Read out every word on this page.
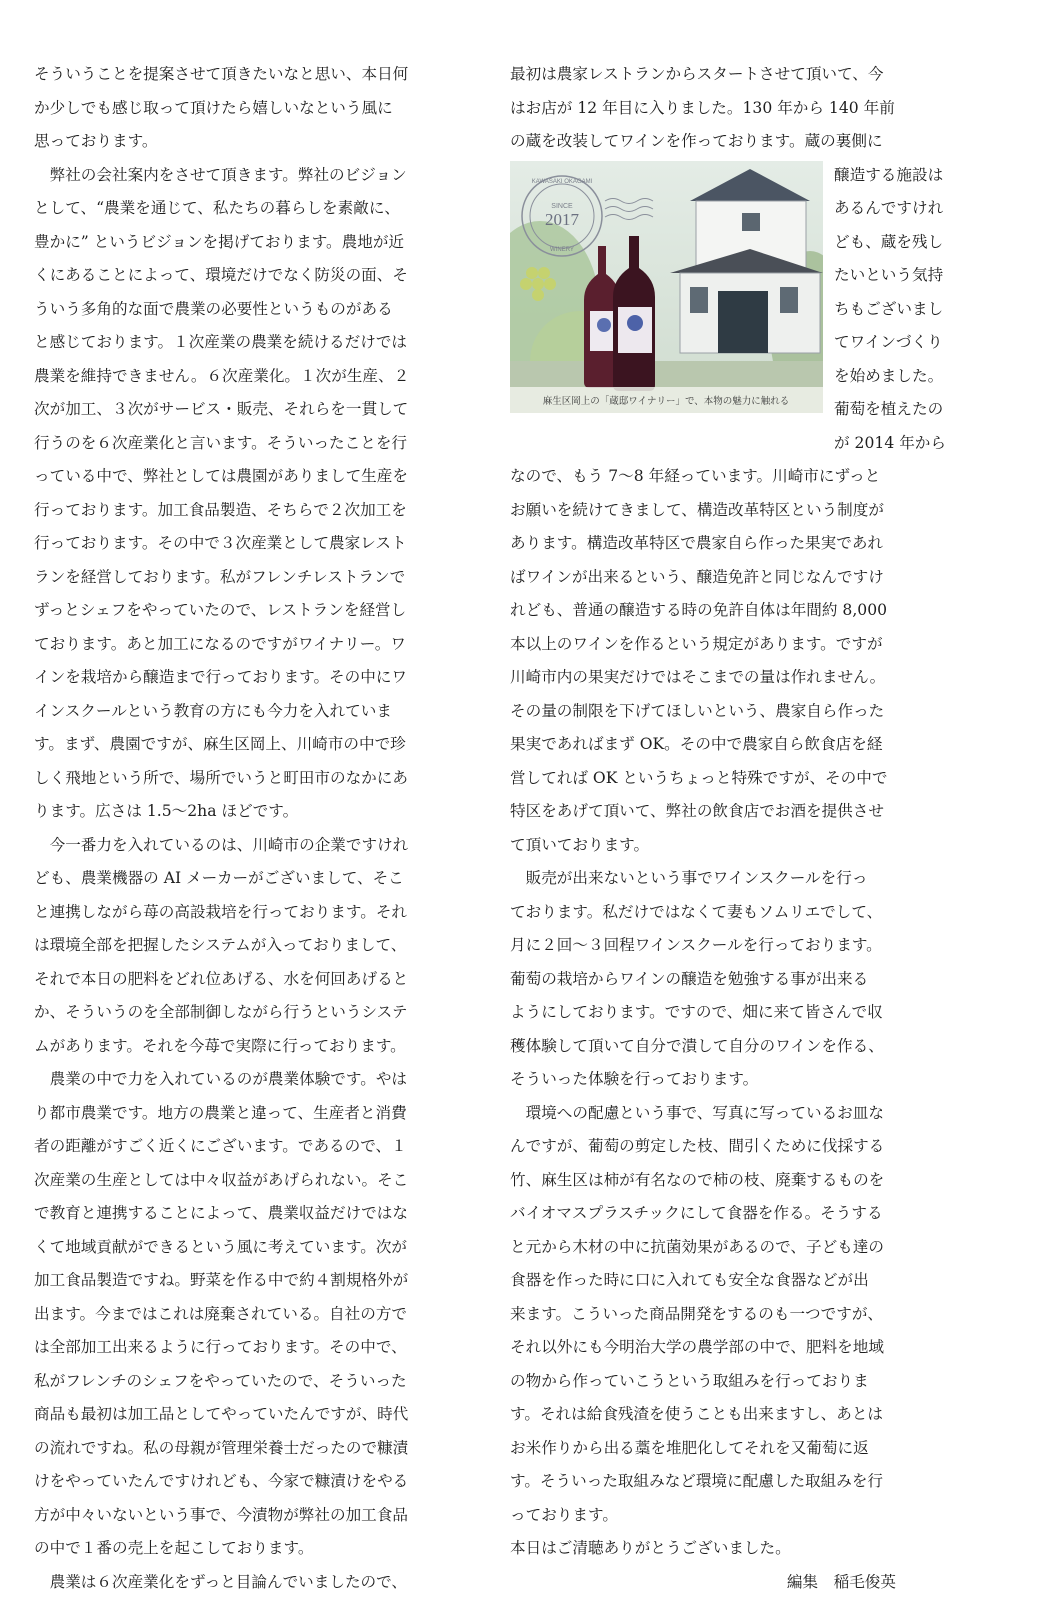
そういうことを提案させて頂きたいなと思い、本日何
か少しでも感じ取って頂けたら嬉しいなという風に
思っております。
弊社の会社案内をさせて頂きます。弊社のビジョン
として、“農業を通じて、私たちの暮らしを素敵に、
豊かに” というビジョンを掲げております。農地が近
くにあることによって、環境だけでなく防災の面、そ
ういう多角的な面で農業の必要性というものがある
と感じております。１次産業の農業を続けるだけでは
農業を維持できません。６次産業化。１次が生産、２
次が加工、３次がサービス・販売、それらを一貫して
行うのを６次産業化と言います。そういったことを行
っている中で、弊社としては農園がありまして生産を
行っております。加工食品製造、そちらで２次加工を
行っております。その中で３次産業として農家レスト
ランを経営しております。私がフレンチレストランで
ずっとシェフをやっていたので、レストランを経営し
ております。あと加工になるのですがワイナリー。ワ
インを栽培から醸造まで行っております。その中にワ
インスクールという教育の方にも今力を入れていま
す。まず、農園ですが、麻生区岡上、川崎市の中で珍
しく飛地という所で、場所でいうと町田市のなかにあ
ります。広さは 1.5〜2ha ほどです。
今一番力を入れているのは、川崎市の企業ですけれ
ども、農業機器の AI メーカーがございまして、そこ
と連携しながら苺の高設栽培を行っております。それ
は環境全部を把握したシステムが入っておりまして、
それで本日の肥料をどれ位あげる、水を何回あげると
か、そういうのを全部制御しながら行うというシステ
ムがあります。それを今苺で実際に行っております。
農業の中で力を入れているのが農業体験です。やは
り都市農業です。地方の農業と違って、生産者と消費
者の距離がすごく近くにございます。であるので、１
次産業の生産としては中々収益があげられない。そこ
で教育と連携することによって、農業収益だけではな
くて地域貢献ができるという風に考えています。次が
加工食品製造ですね。野菜を作る中で約４割規格外が
出ます。今まではこれは廃棄されている。自社の方で
は全部加工出来るように行っております。その中で、
私がフレンチのシェフをやっていたので、そういった
商品も最初は加工品としてやっていたんですが、時代
の流れですね。私の母親が管理栄養士だったので糠漬
けをやっていたんですけれども、今家で糠漬けをやる
方が中々いないという事で、今漬物が弊社の加工食品
の中で１番の売上を起こしております。
農業は６次産業化をずっと目論んでいましたので、
最初は農家レストランからスタートさせて頂いて、今
はお店が 12 年目に入りました。130 年から 140 年前
の蔵を改装してワインを作っております。蔵の裏側に
SINCE
2017
KAWASAKI OKAGAMI
WINERY
麻生区岡上の「蔵邸ワイナリー」で、本物の魅力に触れる
醸造する施設は
あるんですけれ
ども、蔵を残し
たいという気持
ちもございまし
てワインづくり
を始めました。
葡萄を植えたの
が 2014 年から
なので、もう 7〜8 年経っています。川崎市にずっと
お願いを続けてきまして、構造改革特区という制度が
あります。構造改革特区で農家自ら作った果実であれ
ばワインが出来るという、醸造免許と同じなんですけ
れども、普通の醸造する時の免許自体は年間約 8,000
本以上のワインを作るという規定があります。ですが
川崎市内の果実だけではそこまでの量は作れません。
その量の制限を下げてほしいという、農家自ら作った
果実であればまず OK。その中で農家自ら飲食店を経
営してれば OK というちょっと特殊ですが、その中で
特区をあげて頂いて、弊社の飲食店でお酒を提供させ
て頂いております。
販売が出来ないという事でワインスクールを行っ
ております。私だけではなくて妻もソムリエでして、
月に２回〜３回程ワインスクールを行っております。
葡萄の栽培からワインの醸造を勉強する事が出来る
ようにしております。ですので、畑に来て皆さんで収
穫体験して頂いて自分で潰して自分のワインを作る、
そういった体験を行っております。
環境への配慮という事で、写真に写っているお皿な
んですが、葡萄の剪定した枝、間引くために伐採する
竹、麻生区は柿が有名なので柿の枝、廃棄するものを
バイオマスプラスチックにして食器を作る。そうする
と元から木材の中に抗菌効果があるので、子ども達の
食器を作った時に口に入れても安全な食器などが出
来ます。こういった商品開発をするのも一つですが、
それ以外にも今明治大学の農学部の中で、肥料を地域
の物から作っていこうという取組みを行っておりま
す。それは給食残渣を使うことも出来ますし、あとは
お米作りから出る藁を堆肥化してそれを又葡萄に返
す。そういった取組みなど環境に配慮した取組みを行
っております。
本日はご清聴ありがとうございました。
編集　稲毛俊英
